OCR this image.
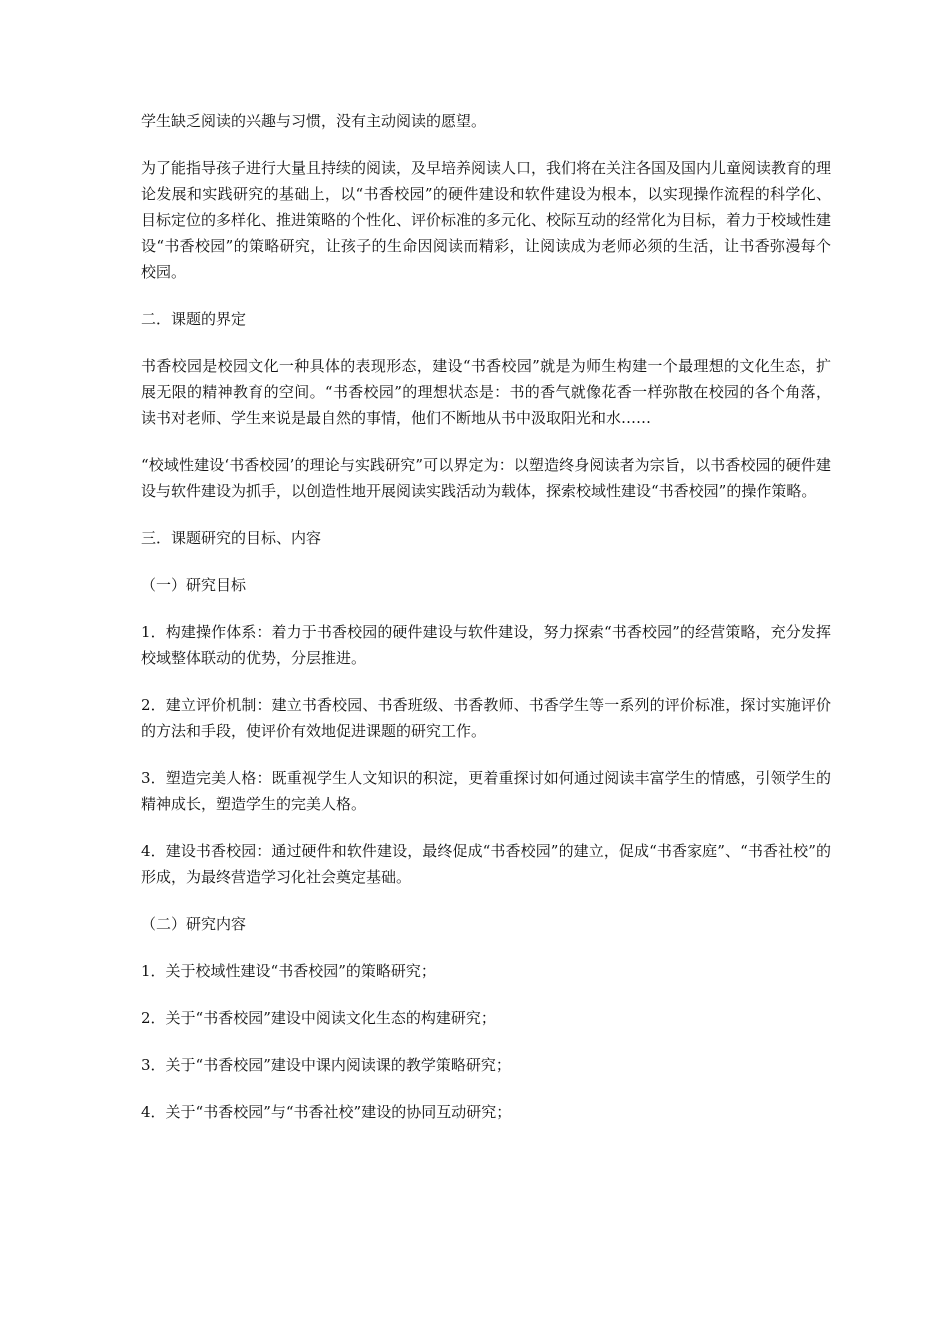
学生缺乏阅读的兴趣与习惯，没有主动阅读的愿望。

为了能指导孩子进行大量且持续的阅读，及早培养阅读人口，我们将在关注各国及国内儿童阅读教育的理论发展和实践研究的基础上，以“书香校园”的硬件建设和软件建设为根本，以实现操作流程的科学化、目标定位的多样化、推进策略的个性化、评价标准的多元化、校际互动的经常化为目标，着力于校域性建设“书香校园”的策略研究，让孩子的生命因阅读而精彩，让阅读成为老师必须的生活，让书香弥漫每个校园。

二．课题的界定

书香校园是校园文化一种具体的表现形态，建设“书香校园”就是为师生构建一个最理想的文化生态，扩展无限的精神教育的空间。“书香校园”的理想状态是：书的香气就像花香一样弥散在校园的各个角落，读书对老师、学生来说是最自然的事情，他们不断地从书中汲取阳光和水……

“校域性建设‘书香校园’的理论与实践研究”可以界定为：以塑造终身阅读者为宗旨，以书香校园的硬件建设与软件建设为抓手，以创造性地开展阅读实践活动为载体，探索校域性建设“书香校园”的操作策略。

三．课题研究的目标、内容

（一）研究目标

1．构建操作体系：着力于书香校园的硬件建设与软件建设，努力探索“书香校园”的经营策略，充分发挥校域整体联动的优势，分层推进。

2．建立评价机制：建立书香校园、书香班级、书香教师、书香学生等一系列的评价标准，探讨实施评价的方法和手段，使评价有效地促进课题的研究工作。

3．塑造完美人格：既重视学生人文知识的积淀，更着重探讨如何通过阅读丰富学生的情感，引领学生的精神成长，塑造学生的完美人格。

4．建设书香校园：通过硬件和软件建设，最终促成“书香校园”的建立，促成“书香家庭”、“书香社校”的形成，为最终营造学习化社会奠定基础。

（二）研究内容

1．关于校域性建设“书香校园”的策略研究；

2．关于“书香校园”建设中阅读文化生态的构建研究；

3．关于“书香校园”建设中课内阅读课的教学策略研究；

4．关于“书香校园”与“书香社校”建设的协同互动研究；
